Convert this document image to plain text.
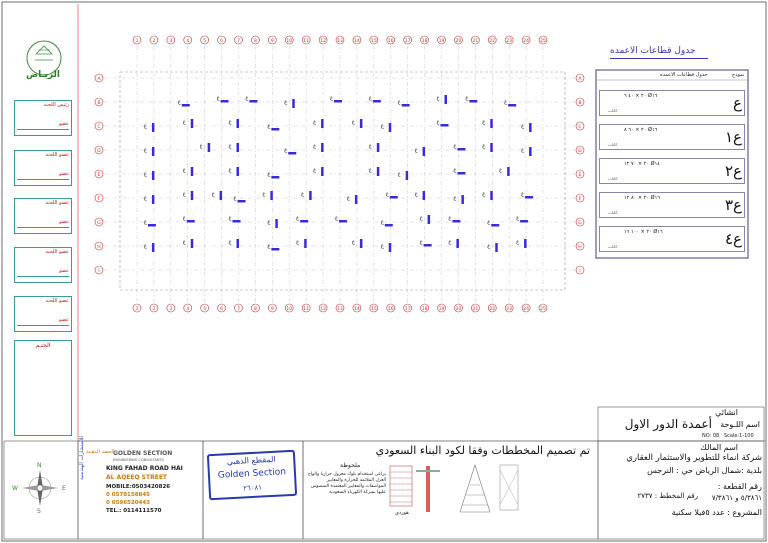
1
1
2
2
3
3
4
4
5
5
6
6
7
7
8
8
9
9
10
10
11
11
12
12
13
13
14
14
15
15
16
16
17
17
18
18
19
19
20
20
21
21
22
22
23
23
24
24
25
25
A	A
B	B
C	C
D	D
E	E
F	F
G	G
H	H
I	I
ع
ع	ع
ع
ع	ع
ع
ع	ع
ع
ع
ع	ع
ع
ع	ع
ع
ع	ع
ع
ع
ع	ع
ع
ع	ع
ع
ع	ع
ع
ع
ع	ع
ع
ع	ع
ع
ع	ع
ع
ع	ع
ع
ع	ع
ع
ع	ع
ع
ع	ع
ع
ع	ع
ع
ع	ع
ع
ع	ع
ع
ع
ع
ع	ع
ع
ع	ع
ع
ع	ع
ع
ع
الريـاض
رئيس اللجنة
عضو
عضو اللجنة
عضو
عضو اللجنة
عضو
عضو اللجنة
عضو
عضو اللجنة
عضو
الختـم
جدول قطاعات الاعمده
جدول قطاعات الاعمده	نموذج
ع
٢٠ × ٤٠ ٦ Ø١٦
كانات
ع١
٢٠ × ٦٠ ٨ Ø١٦
كانات
ع٢
٢٠ × ٧٠ ١٢ Ø١٤
كانات
ع٣
٢٠ × ٨٠ ١٢ Ø١٦
كانات
ع٤
٢٠ × ١٠٠ ١٦ Ø١٦
كانات
انشائي
اسم اللـوحة
أعمدة الدور الاول
NO: 08 Scale:1-100
اسم المالك
شركة انماء للتطوير والاستثمار العقاري
بلدية :شمال الرياض حي : النرجس
رقم القطعة :
رقم المخطط : ٢٧٣٧ ٥/٣٨٦١ و ٧/٣٨٦١
المشروع : عدد ٥فيلا سكنية
تم تصميم المخططات وفقا لكود البناء السعودي
ملحوظة
يراعى استخدام بلوك معزول حراريا والواح العزل الملائمة للحرارة والمعايير المواصفات والمعايير المعتمدة المنصوص عليها بشركة الكهرباء السعودية
هوردي
المقطع الذهبي
Golden Section
٢٦٠٨١
GOLDEN SECTION
ENGINEERING CONSULTANTS
KING FAHAD ROAD HAI
AL AQEEQ STREET
MOBILE:0503420826
0 0578158845
0 0596520443
TEL.: 0114111570
الحصة الذهبية
للاستشارات الهندسية
N
S
E
W
